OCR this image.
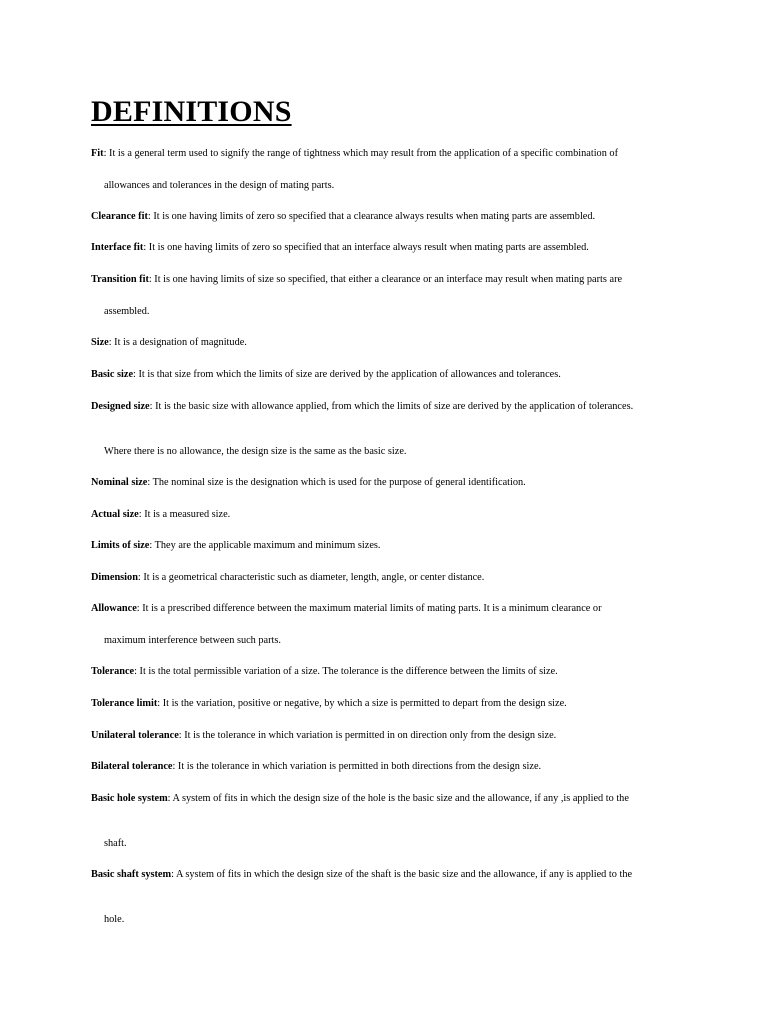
DEFINITIONS

Fit: It is a general term used to signify the range of tightness which may result from the application of a specific combination of

allowances and tolerances in the design of mating parts.

Clearance fit: It is one having limits of zero so specified that a clearance always results when mating parts are assembled.

Interface fit: It is one having limits of zero so specified that an interface always result when mating parts are assembled.

Transition fit: It is one having limits of size so specified, that either a clearance or an interface may result when mating parts are

assembled.

Size: It is a designation of magnitude.

Basic size: It is that size from which the limits of size are derived by the application of allowances and tolerances.

Designed size: It is the basic size with allowance applied, from which the limits of size are derived by the application of tolerances.

Where there is no allowance, the design size is the same as the basic size.

Nominal size: The nominal size is the designation which is used for the purpose of general identification.

Actual size: It is a measured size.

Limits of size: They are the applicable maximum and minimum sizes.

Dimension: It is a geometrical characteristic such as diameter, length, angle, or center distance.

Allowance: It is a prescribed difference between the maximum material limits of mating parts. It is a minimum clearance or

maximum interference between such parts.

Tolerance: It is the total permissible variation of a size. The tolerance is the difference between the limits of size.

Tolerance limit: It is the variation, positive or negative, by which a size is permitted to depart from the design size.

Unilateral tolerance: It is the tolerance in which variation is permitted in on direction only from the design size.

Bilateral tolerance: It is the tolerance in which variation is permitted in both directions from the design size.

Basic hole system: A system of fits in which the design size of the hole is the basic size and the allowance, if any ,is applied to the

shaft.

Basic shaft system: A system of fits in which the design size of the shaft is the basic size and the allowance, if any is applied to the

hole.
